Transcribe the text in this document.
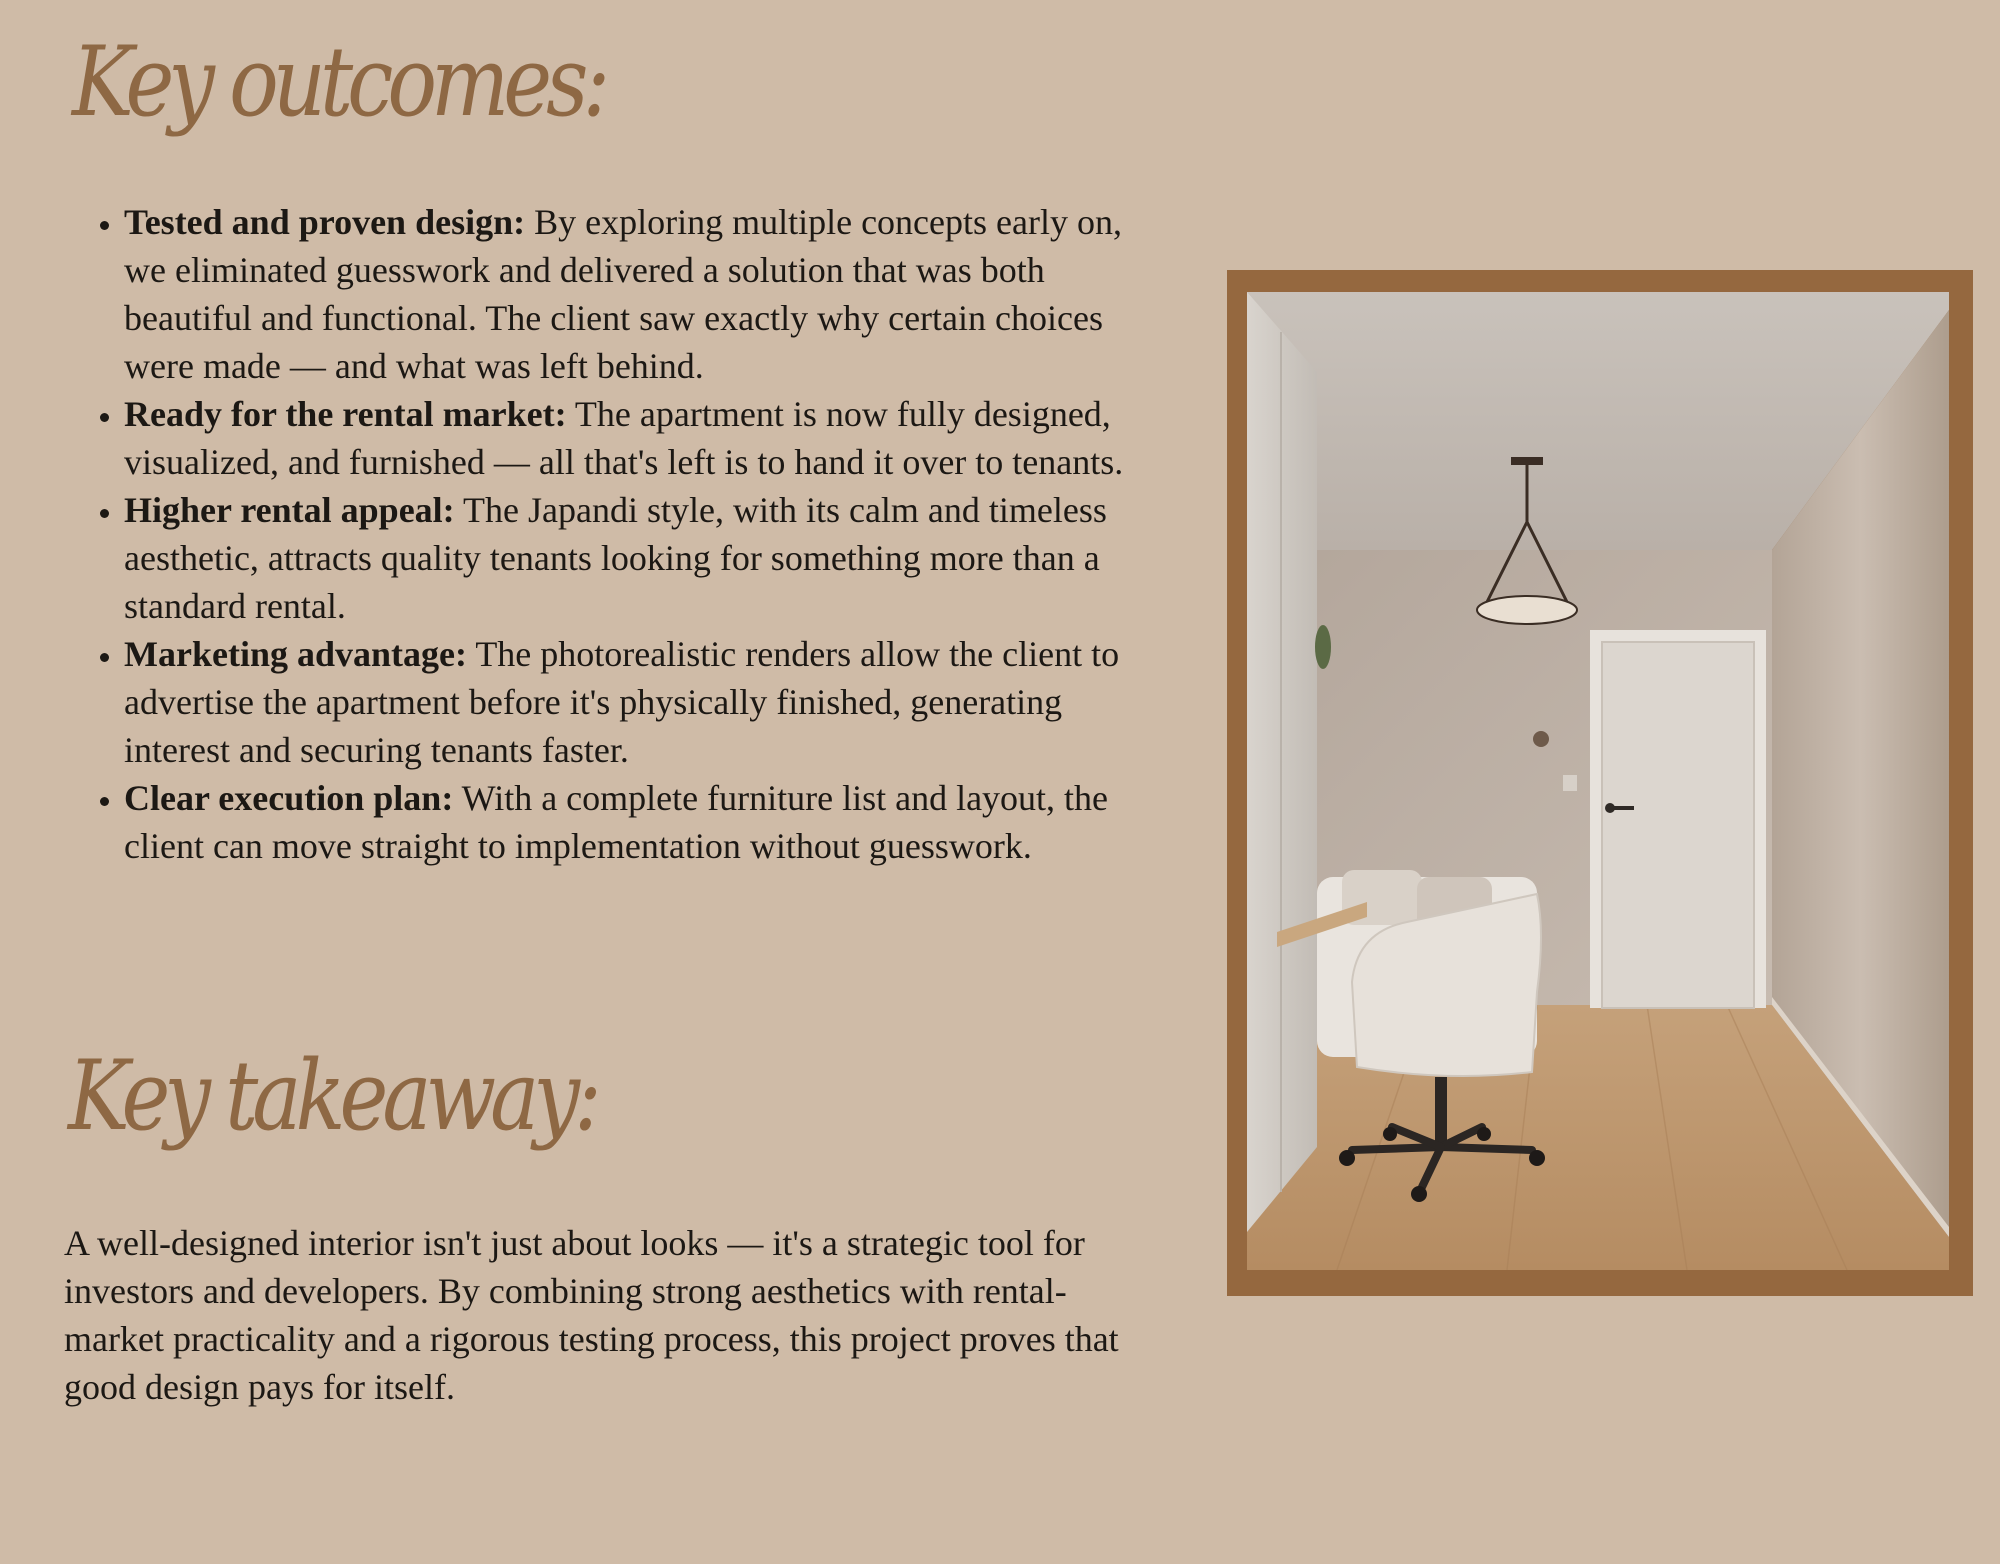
Key outcomes:
• Tested and proven design: By exploring multiple concepts early on, we eliminated guesswork and delivered a solution that was both beautiful and functional. The client saw exactly why certain choices were made — and what was left behind.
• Ready for the rental market: The apartment is now fully designed, visualized, and furnished — all that's left is to hand it over to tenants.
• Higher rental appeal: The Japandi style, with its calm and timeless aesthetic, attracts quality tenants looking for something more than a standard rental.
• Marketing advantage: The photorealistic renders allow the client to advertise the apartment before it's physically finished, generating interest and securing tenants faster.
• Clear execution plan: With a complete furniture list and layout, the client can move straight to implementation without guesswork.
Key takeaway:

A well-designed interior isn't just about looks — it's a strategic tool for investors and developers. By combining strong aesthetics with rental-market practicality and a rigorous testing process, this project proves that good design pays for itself.
